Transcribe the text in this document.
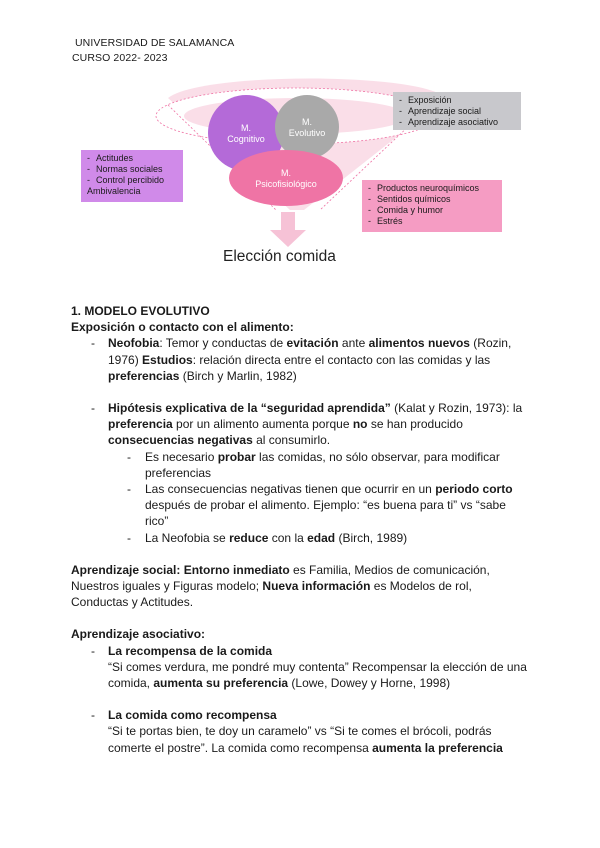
UNIVERSIDAD DE SALAMANCA
CURSO 2022- 2023
M.
Cognitivo
M.
Evolutivo
M.
Psicofisiológico
- Actitudes
- Normas sociales
- Control percibido
Ambivalencia
- Exposición
- Aprendizaje social
- Aprendizaje asociativo
- Productos neuroquímicos
- Sentidos químicos
- Comida y humor
- Estrés
Elección comida

1. MODELO EVOLUTIVO

Exposición o contacto con el alimento:

- Neofobia: Temor y conductas de evitación ante alimentos nuevos (Rozin, 1976) Estudios: relación directa entre el contacto con las comidas y las preferencias (Birch y Marlin, 1982)
- Hipótesis explicativa de la “seguridad aprendida” (Kalat y Rozin, 1973): la preferencia por un alimento aumenta porque no se han producido consecuencias negativas al consumirlo.
- Es necesario probar las comidas, no sólo observar, para modificar preferencias
- Las consecuencias negativas tienen que ocurrir en un periodo corto después de probar el alimento. Ejemplo: “es buena para ti” vs “sabe rico”
- La Neofobia se reduce con la edad (Birch, 1989)

Aprendizaje social: Entorno inmediato es Familia, Medios de comunicación, Nuestros iguales y Figuras modelo; Nueva información es Modelos de rol, Conductas y Actitudes.

Aprendizaje asociativo:

- La recompensa de la comida
“Si comes verdura, me pondré muy contenta” Recompensar la elección de una comida, aumenta su preferencia (Lowe, Dowey y Horne, 1998)
- La comida como recompensa
“Si te portas bien, te doy un caramelo” vs “Si te comes el brócoli, podrás comerte el postre”. La comida como recompensa aumenta la preferencia
